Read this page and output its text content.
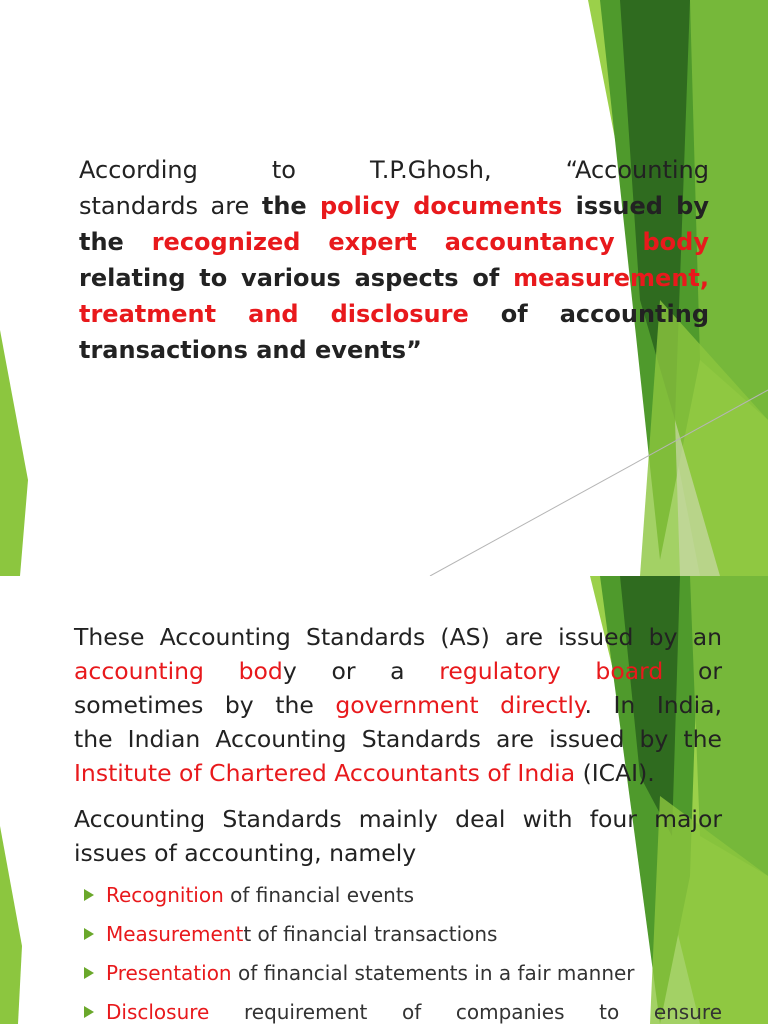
According to T.P.Ghosh, “Accounting
standards are the policy documents issued by
the recognized expert accountancy body
relating to various aspects of measurement,
treatment and disclosure of accounting
transactions and events”
These Accounting Standards (AS) are issued by an
accounting body or a regulatory board or
sometimes by the government directly. In India,
the Indian Accounting Standards are issued by the
Institute of Chartered Accountants of India (ICAI).
Accounting Standards mainly deal with four major
issues of accounting, namely
Recognition of financial events
Measurementt of financial transactions
Presentation of financial statements in a fair manner
Disclosure requirement of companies to ensure
